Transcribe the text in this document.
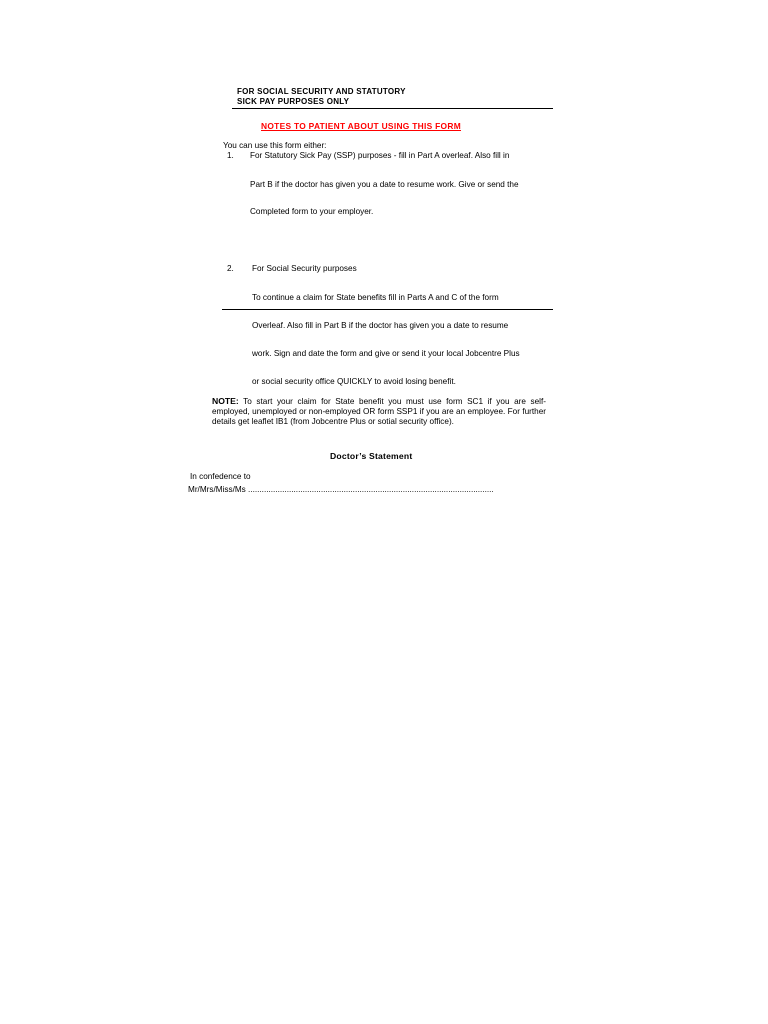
FOR SOCIAL SECURITY AND STATUTORY
SICK PAY PURPOSES ONLY
NOTES TO PATIENT ABOUT USING THIS FORM
You can use this form either:
1. For Statutory Sick Pay (SSP) purposes - fill in Part A overleaf. Also fill in
Part B if the doctor has given you a date to resume work. Give or send the
Completed form to your employer.
2. For Social Security purposes
To continue a claim for State benefits fill in Parts A and C of the form
Overleaf. Also fill in Part B if the doctor has given you a date to resume
work. Sign and date the form and give or send it your local Jobcentre Plus
or social security office QUICKLY to avoid losing benefit.
NOTE: To start your claim for State benefit you must use form SC1 if you are self-employed, unemployed or non-employed OR form SSP1 if you are an employee. For further details get leaflet IB1 (from Jobcentre Plus or sotial security office).
Doctor’s Statement
In confedence to
Mr/Mrs/Miss/Ms ............................................................................................................
